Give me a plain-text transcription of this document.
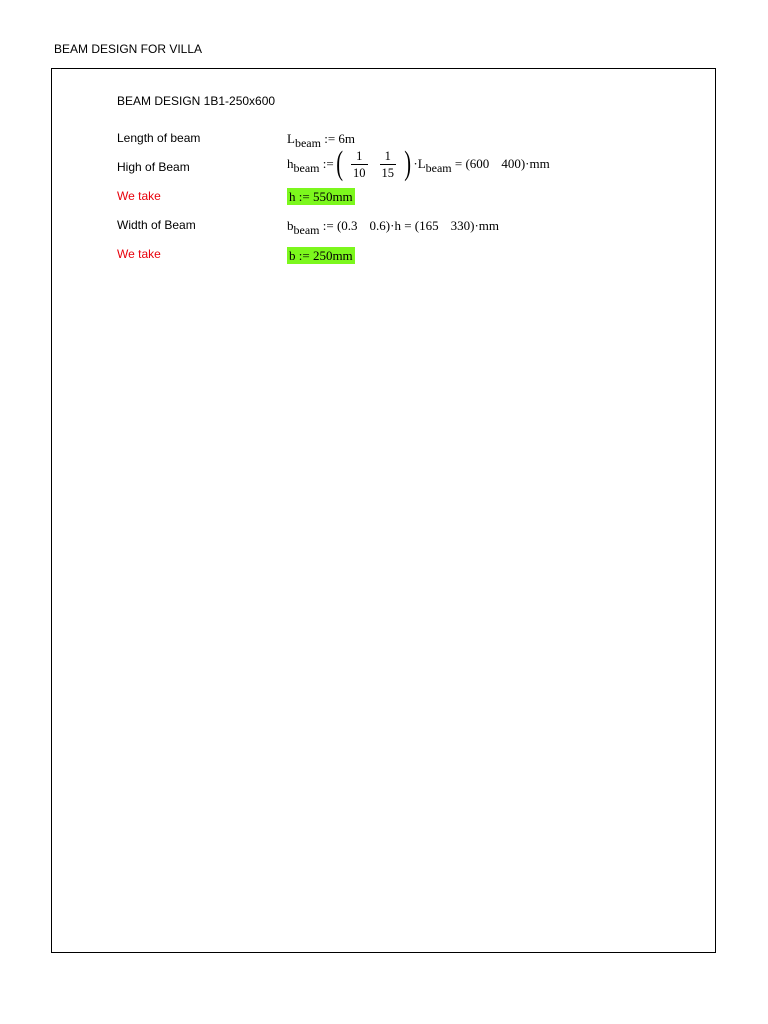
BEAM DESIGN FOR VILLA
BEAM DESIGN 1B1-250x600
Length of beam	$L_{beam}$ := 6m
High of Beam	$h_{beam}$ :=( $\frac{1}{10} \frac{1}{15}$ ) $\cdot L_{beam} = (600$ 400)·mm
We take	h := 550mm
Width of Beam	$b_{beam}$ := (0.3 0.6)·h = (165 330)·mm
We take	b := 250mm
